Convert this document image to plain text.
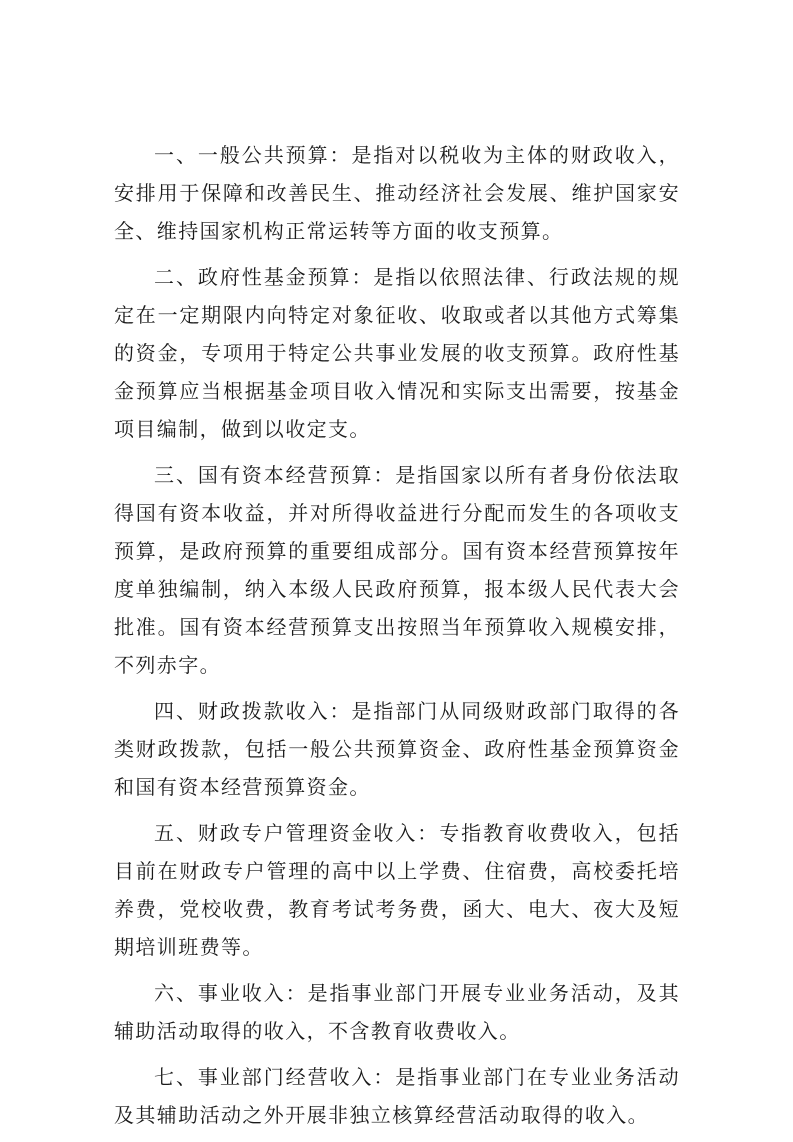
一、一般公共预算：是指对以税收为主体的财政收入，安排用于保障和改善民生、推动经济社会发展、维护国家安全、维持国家机构正常运转等方面的收支预算。

二、政府性基金预算：是指以依照法律、行政法规的规定在一定期限内向特定对象征收、收取或者以其他方式筹集的资金，专项用于特定公共事业发展的收支预算。政府性基金预算应当根据基金项目收入情况和实际支出需要，按基金项目编制，做到以收定支。

三、国有资本经营预算：是指国家以所有者身份依法取得国有资本收益，并对所得收益进行分配而发生的各项收支预算，是政府预算的重要组成部分。国有资本经营预算按年度单独编制，纳入本级人民政府预算，报本级人民代表大会批准。国有资本经营预算支出按照当年预算收入规模安排，不列赤字。

四、财政拨款收入：是指部门从同级财政部门取得的各类财政拨款，包括一般公共预算资金、政府性基金预算资金和国有资本经营预算资金。

五、财政专户管理资金收入：专指教育收费收入，包括目前在财政专户管理的高中以上学费、住宿费，高校委托培养费，党校收费，教育考试考务费，函大、电大、夜大及短期培训班费等。

六、事业收入：是指事业部门开展专业业务活动，及其辅助活动取得的收入，不含教育收费收入。

七、事业部门经营收入：是指事业部门在专业业务活动及其辅助活动之外开展非独立核算经营活动取得的收入。
